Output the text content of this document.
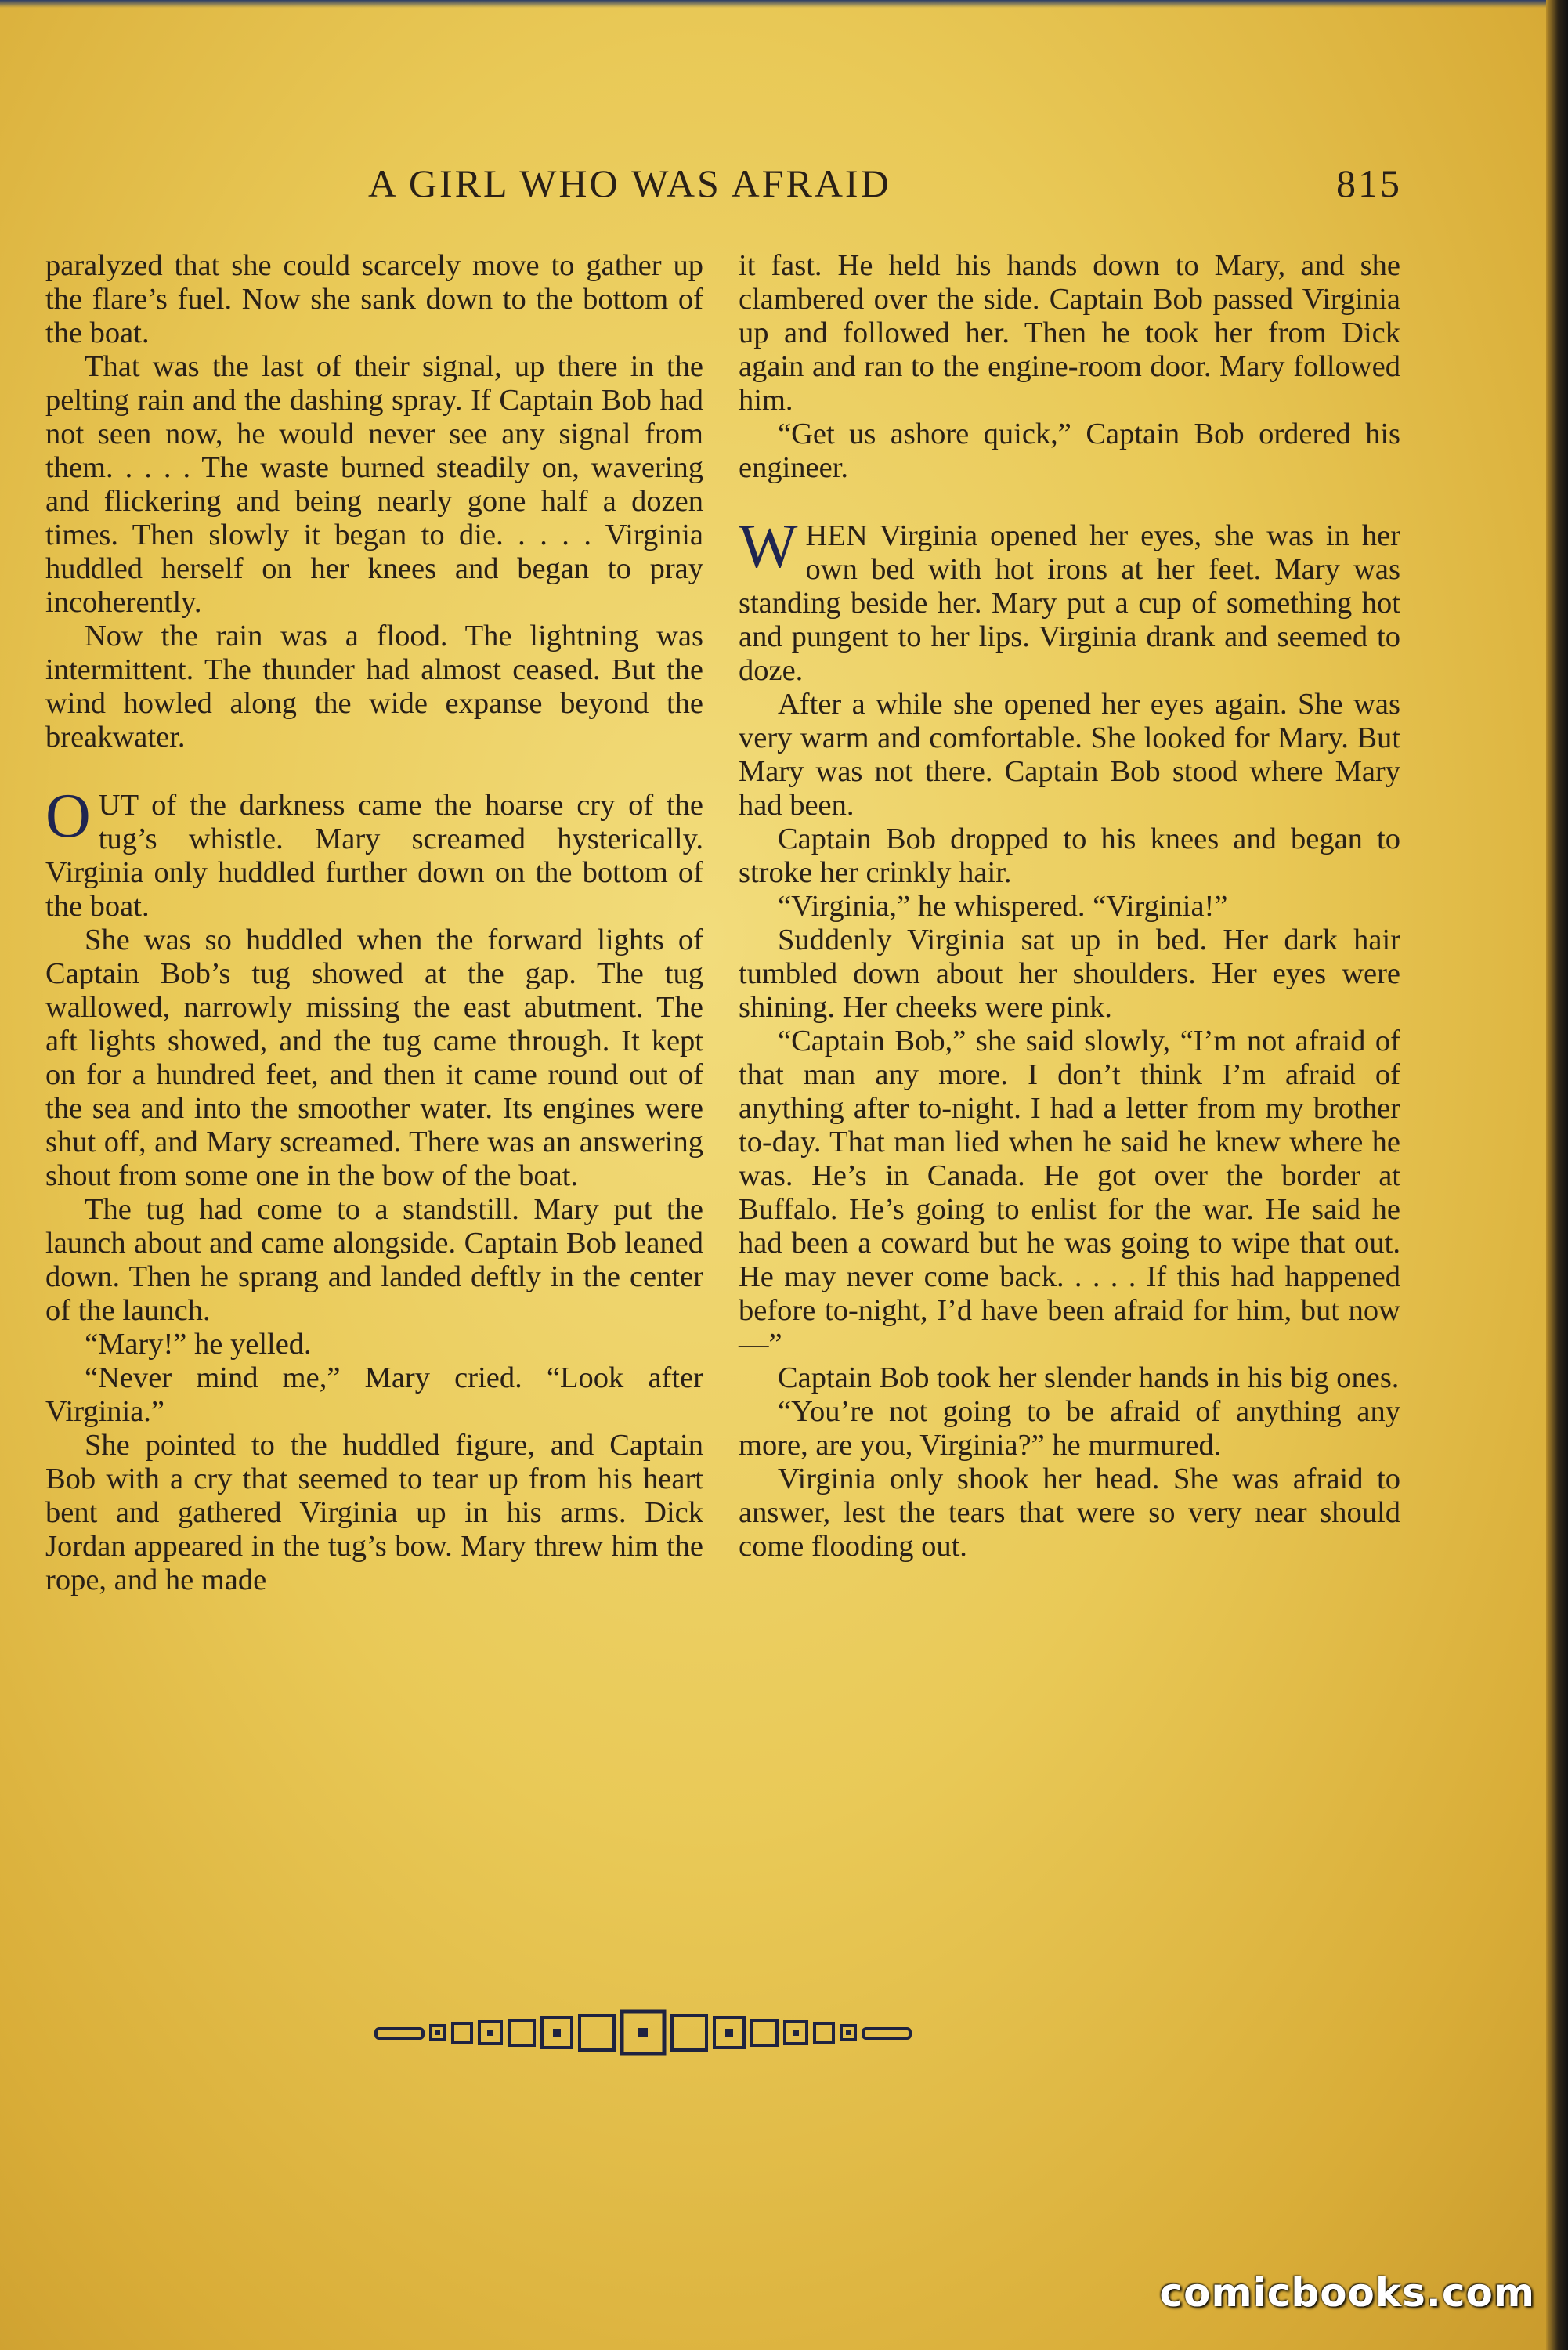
A GIRL WHO WAS AFRAID	815

paralyzed that she could scarcely move to gather up the flare’s fuel. Now she sank down to the bottom of the boat.

That was the last of their signal, up there in the pelting rain and the dashing spray. If Captain Bob had not seen now, he would never see any signal from them. . . . . The waste burned steadily on, wavering and flickering and being nearly gone half a dozen times. Then slowly it began to die. . . . . Virginia huddled herself on her knees and began to pray incoherently.

Now the rain was a flood. The lightning was intermittent. The thunder had almost ceased. But the wind howled along the wide expanse beyond the breakwater.

OUT of the darkness came the hoarse cry of the tug’s whistle. Mary screamed hysterically. Virginia only huddled further down on the bottom of the boat.

She was so huddled when the forward lights of Captain Bob’s tug showed at the gap. The tug wallowed, narrowly missing the east abutment. The aft lights showed, and the tug came through. It kept on for a hundred feet, and then it came round out of the sea and into the smoother water. Its engines were shut off, and Mary screamed. There was an answering shout from some one in the bow of the boat.

The tug had come to a standstill. Mary put the launch about and came alongside. Captain Bob leaned down. Then he sprang and landed deftly in the center of the launch.

“Mary!” he yelled.

“Never mind me,” Mary cried. “Look after Virginia.”

She pointed to the huddled figure, and Captain Bob with a cry that seemed to tear up from his heart bent and gathered Virginia up in his arms. Dick Jordan appeared in the tug’s bow. Mary threw him the rope, and he made

it fast. He held his hands down to Mary, and she clambered over the side. Captain Bob passed Virginia up and followed her. Then he took her from Dick again and ran to the engine-room door. Mary followed him.

“Get us ashore quick,” Captain Bob ordered his engineer.

WHEN Virginia opened her eyes, she was in her own bed with hot irons at her feet. Mary was standing beside her. Mary put a cup of something hot and pungent to her lips. Virginia drank and seemed to doze.

After a while she opened her eyes again. She was very warm and comfortable. She looked for Mary. But Mary was not there. Captain Bob stood where Mary had been.

Captain Bob dropped to his knees and began to stroke her crinkly hair.

“Virginia,” he whispered. “Virginia!”

Suddenly Virginia sat up in bed. Her dark hair tumbled down about her shoulders. Her eyes were shining. Her cheeks were pink.

“Captain Bob,” she said slowly, “I’m not afraid of that man any more. I don’t think I’m afraid of anything after to-night. I had a letter from my brother to-day. That man lied when he said he knew where he was. He’s in Canada. He got over the border at Buffalo. He’s going to enlist for the war. He said he had been a coward but he was going to wipe that out. He may never come back. . . . . If this had happened before to-night, I’d have been afraid for him, but now—”

Captain Bob took her slender hands in his big ones.

“You’re not going to be afraid of anything any more, are you, Virginia?” he murmured.

Virginia only shook her head. She was afraid to answer, lest the tears that were so very near should come flooding out.

comicbooks.com
